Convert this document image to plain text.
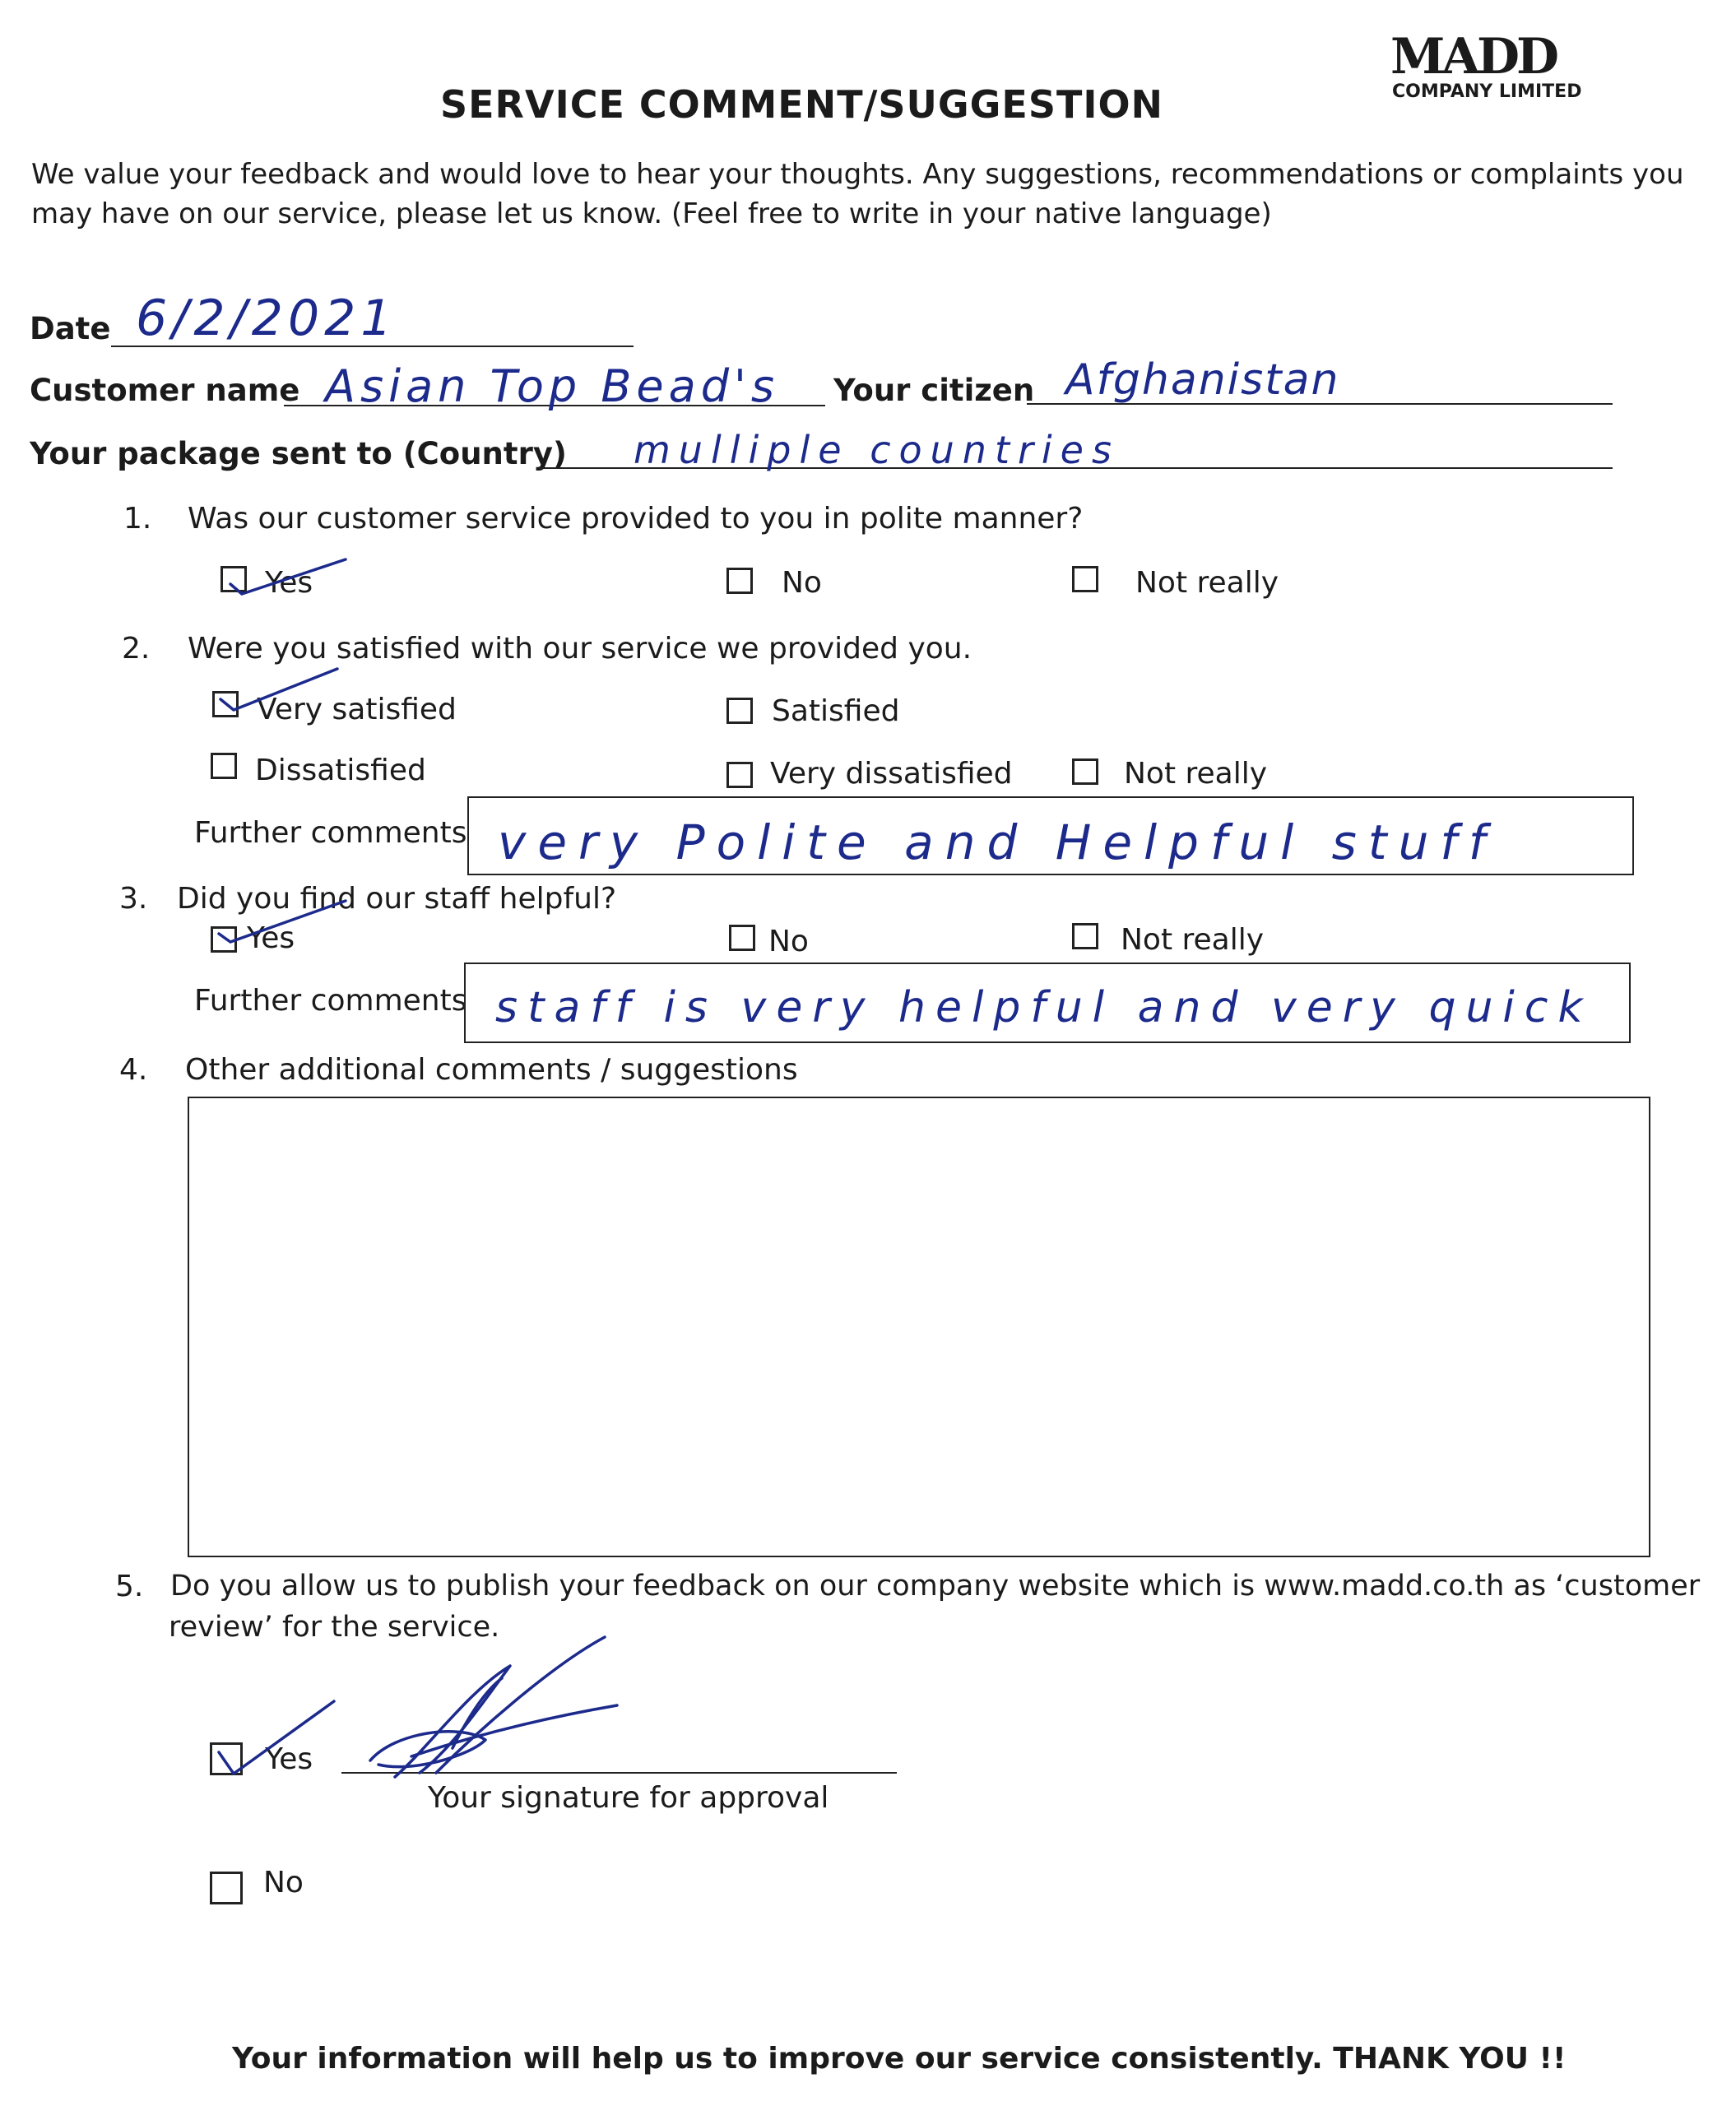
MADD
COMPANY LIMITED
SERVICE COMMENT/SUGGESTION
We value your feedback and would love to hear your thoughts. Any suggestions, recommendations or complaints you
may have on our service, please let us know. (Feel free to write in your native language)
Date 6/2/2021
Customer name Asian Top Bead's Your citizen Afghanistan
Your package sent to (Country) mulliple countries
1. Was our customer service provided to you in polite manner?
Yes	No	Not really
2. Were you satisfied with our service we provided you.
Very satisfied	Satisfied
Dissatisfied	Very dissatisfied	Not really
Further comments very Polite and Helpful stuff
3. Did you find our staff helpful?
Yes	No	Not really
Further comments staff is very helpful and very quick
4. Other additional comments / suggestions
5. Do you allow us to publish your feedback on our company website which is www.madd.co.th as ‘customer
review’ for the service.
Yes
Your signature for approval
No
Your information will help us to improve our service consistently. THANK YOU !!
